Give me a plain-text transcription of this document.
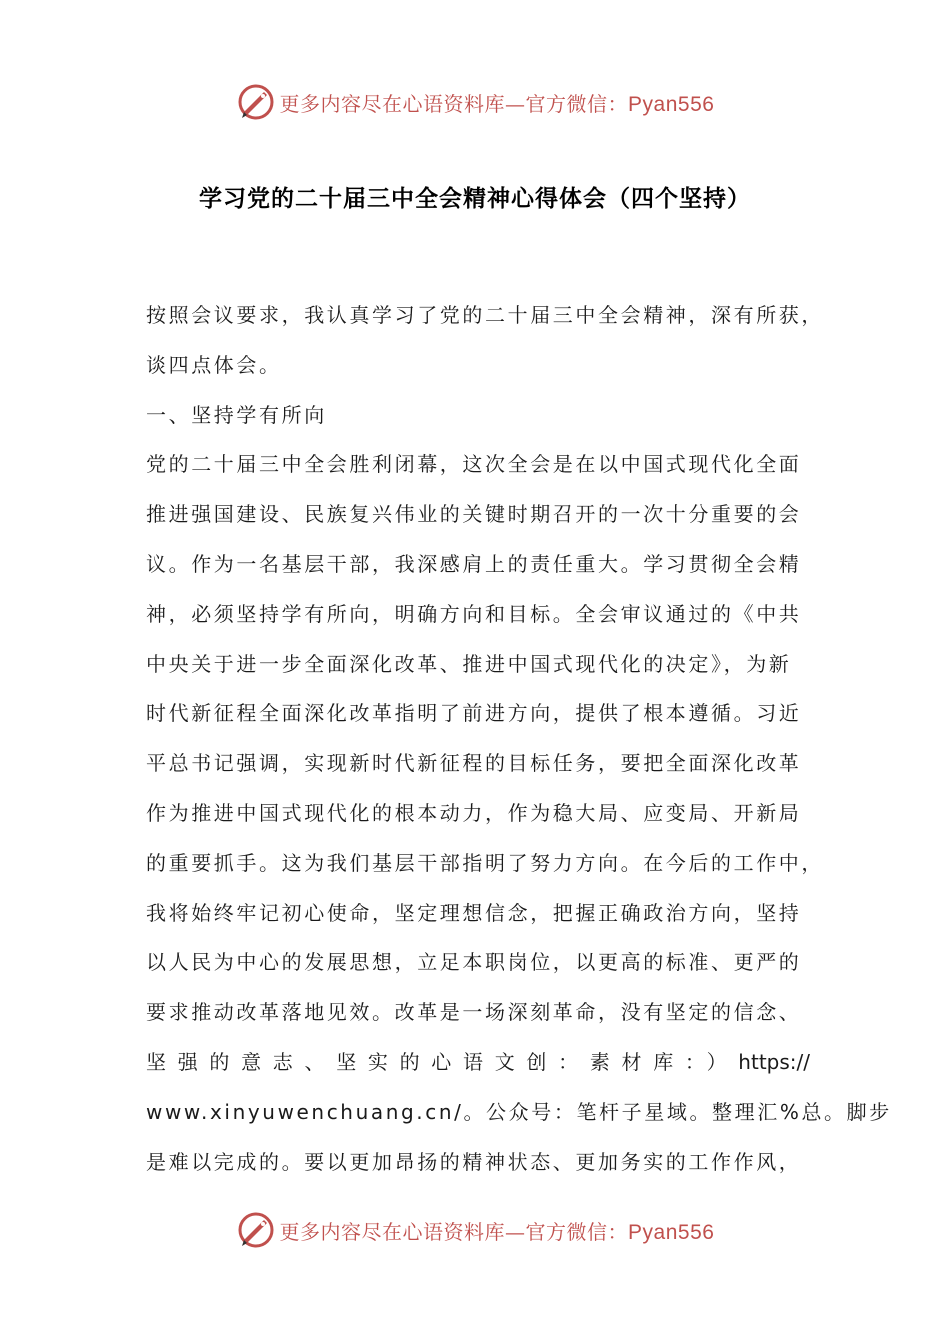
更多内容尽在心语资料库—官方微信：Pyan556
学习党的二十届三中全会精神心得体会（四个坚持）
按照会议要求，我认真学习了党的二十届三中全会精神，深有所获，
谈四点体会。
一、坚持学有所向
党的二十届三中全会胜利闭幕，这次全会是在以中国式现代化全面
推进强国建设、民族复兴伟业的关键时期召开的一次十分重要的会
议。作为一名基层干部，我深感肩上的责任重大。学习贯彻全会精
神，必须坚持学有所向，明确方向和目标。全会审议通过的《中共
中央关于进一步全面深化改革、推进中国式现代化的决定》，为新
时代新征程全面深化改革指明了前进方向，提供了根本遵循。习近
平总书记强调，实现新时代新征程的目标任务，要把全面深化改革
作为推进中国式现代化的根本动力，作为稳大局、应变局、开新局
的重要抓手。这为我们基层干部指明了努力方向。在今后的工作中，
我将始终牢记初心使命，坚定理想信念，把握正确政治方向，坚持
以人民为中心的发展思想，立足本职岗位，以更高的标准、更严的
要求推动改革落地见效。改革是一场深刻革命，没有坚定的信念、
坚强的意志、坚实的心语文创：素材库：）https://
www.xinyuwenchuang.cn/。公众号：笔杆子星域。整理汇%总。脚步
是难以完成的。要以更加昂扬的精神状态、更加务实的工作作风，
更多内容尽在心语资料库—官方微信：Pyan556
